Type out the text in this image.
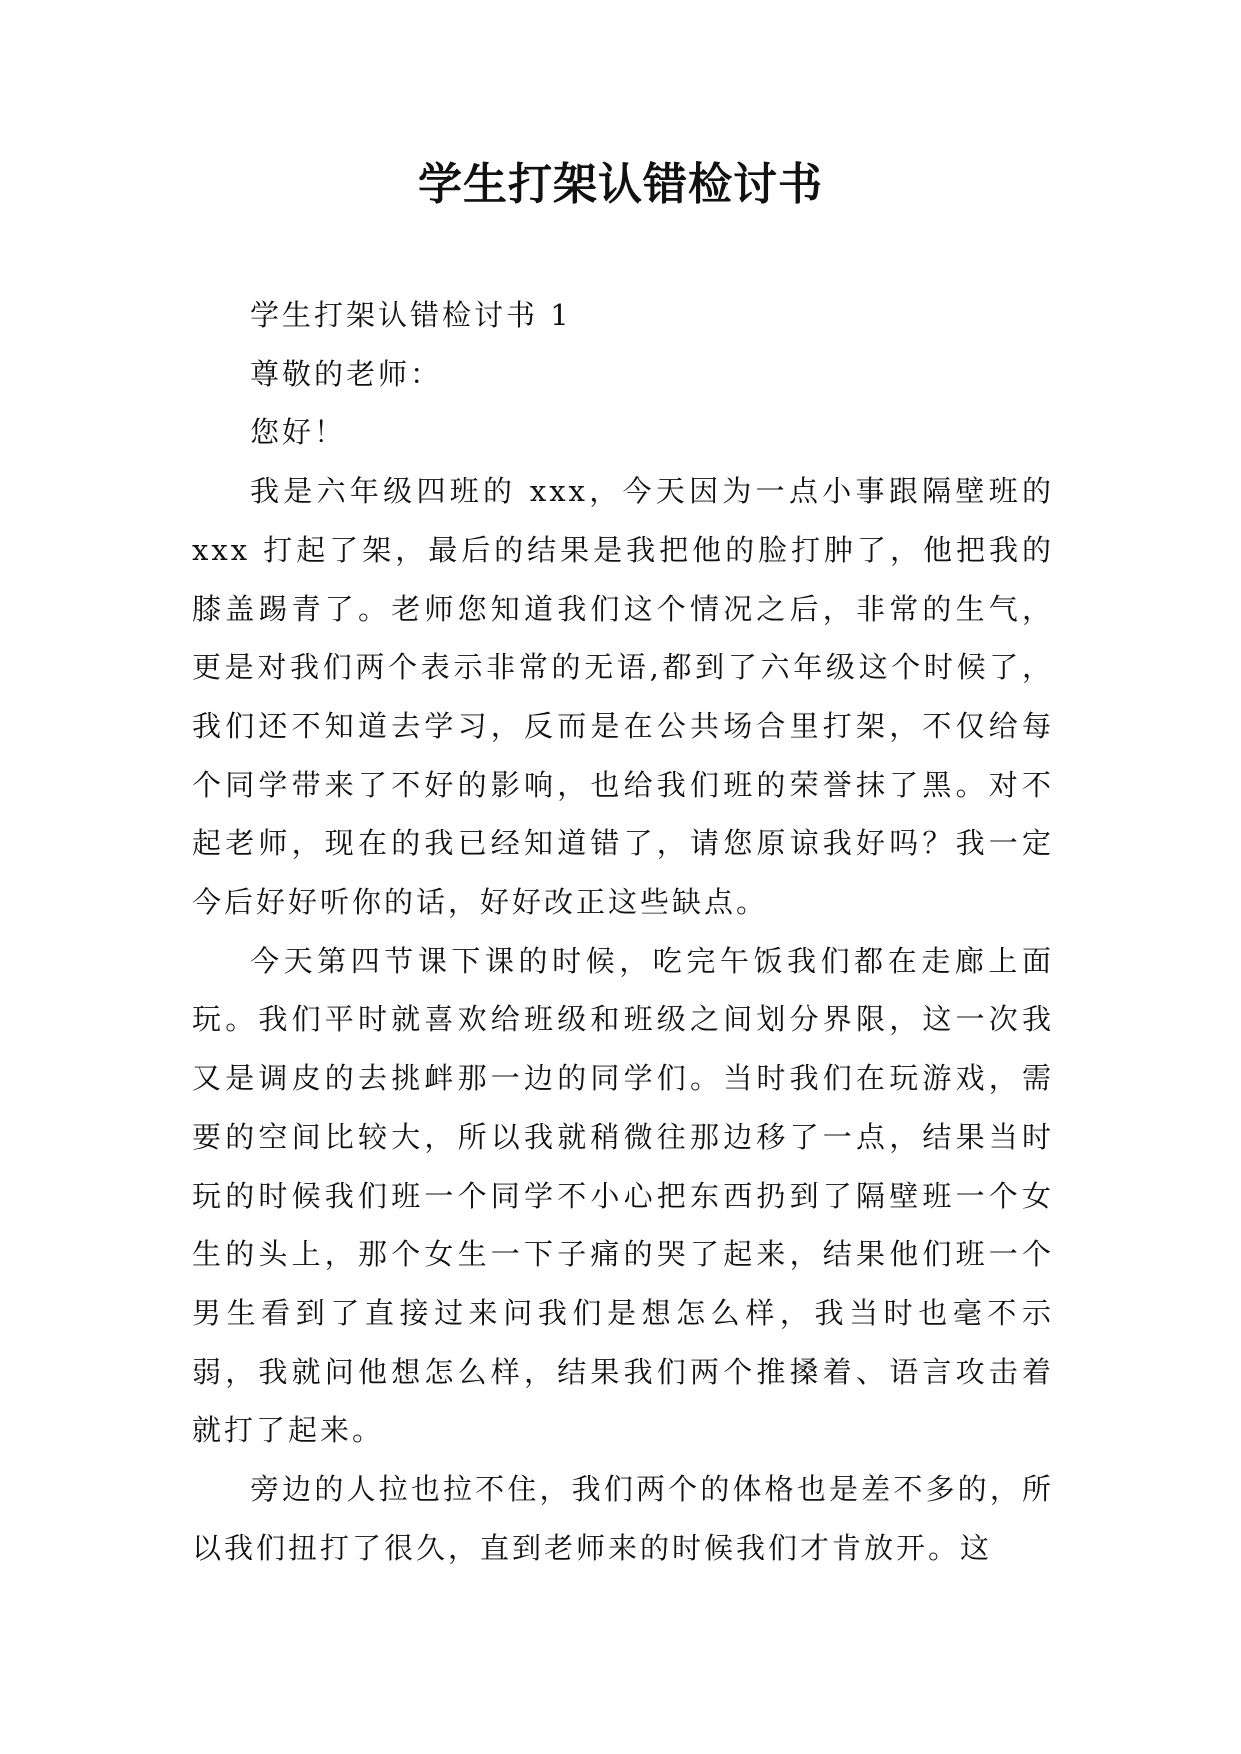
学生打架认错检讨书

学生打架认错检讨书 1

尊敬的老师：

您好！

我是六年级四班的 xxx，今天因为一点小事跟隔壁班的 xxx 打起了架，最后的结果是我把他的脸打肿了，他把我的膝盖踢青了。老师您知道我们这个情况之后，非常的生气，更是对我们两个表示非常的无语,都到了六年级这个时候了，我们还不知道去学习，反而是在公共场合里打架，不仅给每个同学带来了不好的影响，也给我们班的荣誉抹了黑。对不起老师，现在的我已经知道错了，请您原谅我好吗？我一定今后好好听你的话，好好改正这些缺点。

今天第四节课下课的时候，吃完午饭我们都在走廊上面玩。我们平时就喜欢给班级和班级之间划分界限，这一次我又是调皮的去挑衅那一边的同学们。当时我们在玩游戏，需要的空间比较大，所以我就稍微往那边移了一点，结果当时玩的时候我们班一个同学不小心把东西扔到了隔壁班一个女生的头上，那个女生一下子痛的哭了起来，结果他们班一个男生看到了直接过来问我们是想怎么样，我当时也毫不示弱，我就问他想怎么样，结果我们两个推搡着、语言攻击着就打了起来。

旁边的人拉也拉不住，我们两个的体格也是差不多的，所以我们扭打了很久，直到老师来的时候我们才肯放开。这
